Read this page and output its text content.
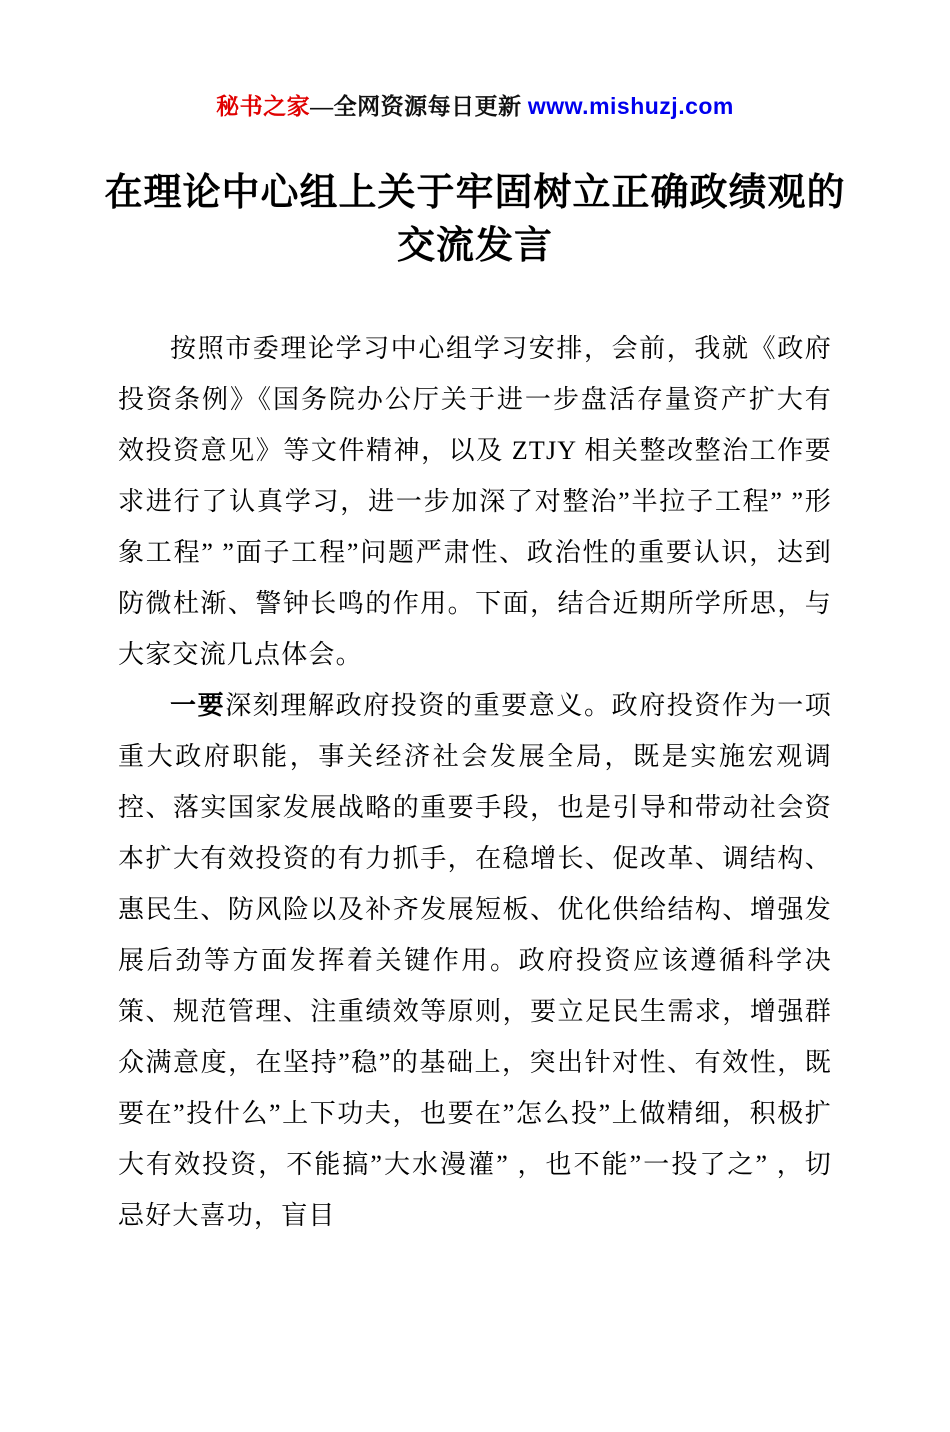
秘书之家—全网资源每日更新 www.mishuzj.com
在理论中心组上关于牢固树立正确政绩观的交流发言

按照市委理论学习中心组学习安排，会前，我就《政府投资条例》《国务院办公厅关于进一步盘活存量资产扩大有效投资意见》等文件精神，以及 ZTJY 相关整改整治工作要求进行了认真学习，进一步加深了对整治”半拉子工程” ”形象工程” ”面子工程”问题严肃性、政治性的重要认识，达到防微杜渐、警钟长鸣的作用。下面，结合近期所学所思，与大家交流几点体会。

一要深刻理解政府投资的重要意义。政府投资作为一项重大政府职能，事关经济社会发展全局，既是实施宏观调控、落实国家发展战略的重要手段，也是引导和带动社会资本扩大有效投资的有力抓手，在稳增长、促改革、调结构、惠民生、防风险以及补齐发展短板、优化供给结构、增强发展后劲等方面发挥着关键作用。政府投资应该遵循科学决策、规范管理、注重绩效等原则，要立足民生需求，增强群众满意度，在坚持”稳”的基础上，突出针对性、有效性，既要在”投什么”上下功夫，也要在”怎么投”上做精细，积极扩大有效投资，不能搞”大水漫灌” ，也不能”一投了之” ，切忌好大喜功，盲目
